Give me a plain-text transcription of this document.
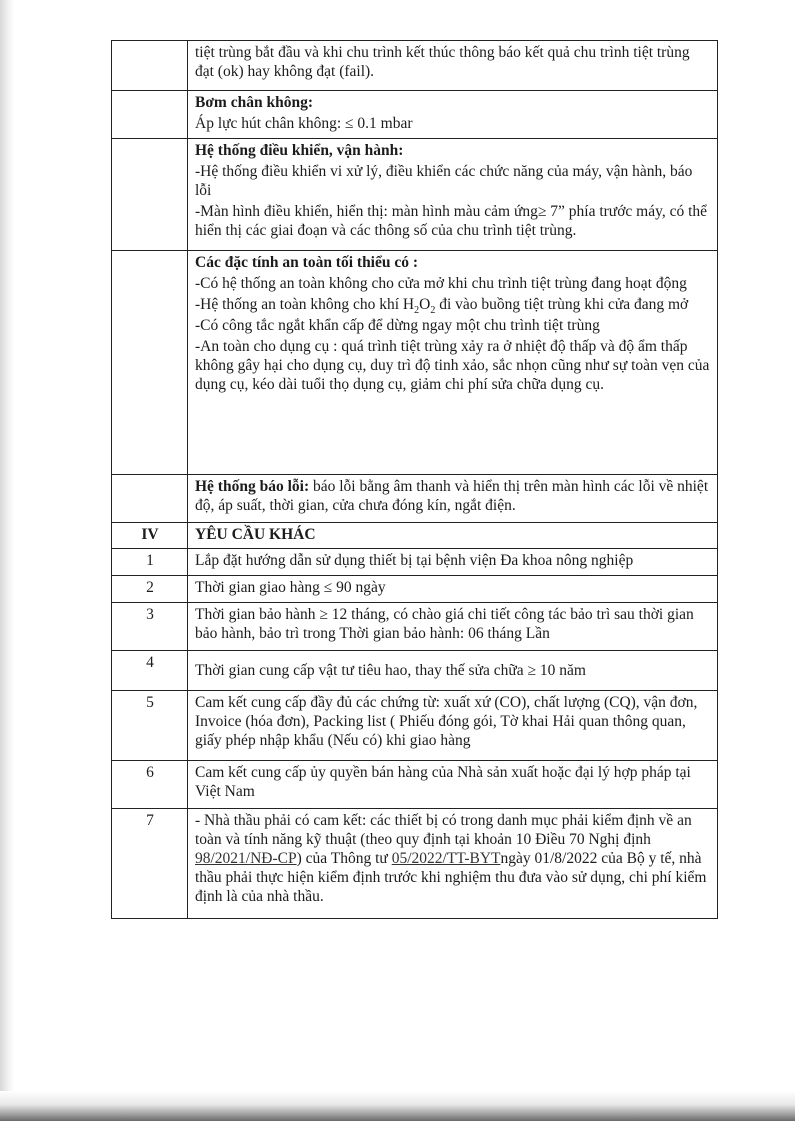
	tiệt trùng bắt đầu và khi chu trình kết thúc thông báo kết quả chu trình tiệt trùng đạt (ok) hay không đạt (fail).

	Bơm chân không:
Áp lực hút chân không: ≤ 0.1 mbar

	Hệ thống điều khiển, vận hành:
-Hệ thống điều khiển vi xử lý, điều khiển các chức năng của máy, vận hành, báo lỗi
-Màn hình điều khiển, hiển thị: màn hình màu cảm ứng≥ 7” phía trước máy, có thể hiển thị các giai đoạn và các thông số của chu trình tiệt trùng.

	Các đặc tính an toàn tối thiểu có :
-Có hệ thống an toàn không cho cửa mở khi chu trình tiệt trùng đang hoạt động
-Hệ thống an toàn không cho khí $H_2O_2$ đi vào buồng tiệt trùng khi cửa đang mở
-Có công tắc ngắt khẩn cấp để dừng ngay một chu trình tiệt trùng
-An toàn cho dụng cụ : quá trình tiệt trùng xảy ra ở nhiệt độ thấp và độ ẩm thấp không gây hại cho dụng cụ, duy trì độ tinh xảo, sắc nhọn cũng như sự toàn vẹn của dụng cụ, kéo dài tuổi thọ dụng cụ, giảm chi phí sửa chữa dụng cụ.

	Hệ thống báo lỗi: báo lỗi bằng âm thanh và hiển thị trên màn hình các lỗi về nhiệt độ, áp suất, thời gian, cửa chưa đóng kín, ngắt điện.
IV	YÊU CẦU KHÁC
1	Lắp đặt hướng dẫn sử dụng thiết bị tại bệnh viện Đa khoa nông nghiệp
2	Thời gian giao hàng ≤ 90 ngày
3	Thời gian bảo hành ≥ 12 tháng, có chào giá chi tiết công tác bảo trì sau thời gian bảo hành, bảo trì trong Thời gian bảo hành: 06 tháng Lần
4	Thời gian cung cấp vật tư tiêu hao, thay thế sửa chữa ≥ 10 năm
5	Cam kết cung cấp đầy đủ các chứng từ: xuất xứ (CO), chất lượng (CQ), vận đơn, Invoice (hóa đơn), Packing list ( Phiếu đóng gói, Tờ khai Hải quan thông quan, giấy phép nhập khẩu (Nếu có) khi giao hàng
6	Cam kết cung cấp ủy quyền bán hàng của Nhà sản xuất hoặc đại lý hợp pháp tại Việt Nam
7	- Nhà thầu phải có cam kết: các thiết bị có trong danh mục phải kiểm định về an toàn và tính năng kỹ thuật (theo quy định tại khoản 10 Điều 70 Nghị định 98/2021/NĐ-CP) của Thông tư 05/2022/TT-BYTngày 01/8/2022 của Bộ y tế, nhà thầu phải thực hiện kiểm định trước khi nghiệm thu đưa vào sử dụng, chi phí kiểm định là của nhà thầu.
